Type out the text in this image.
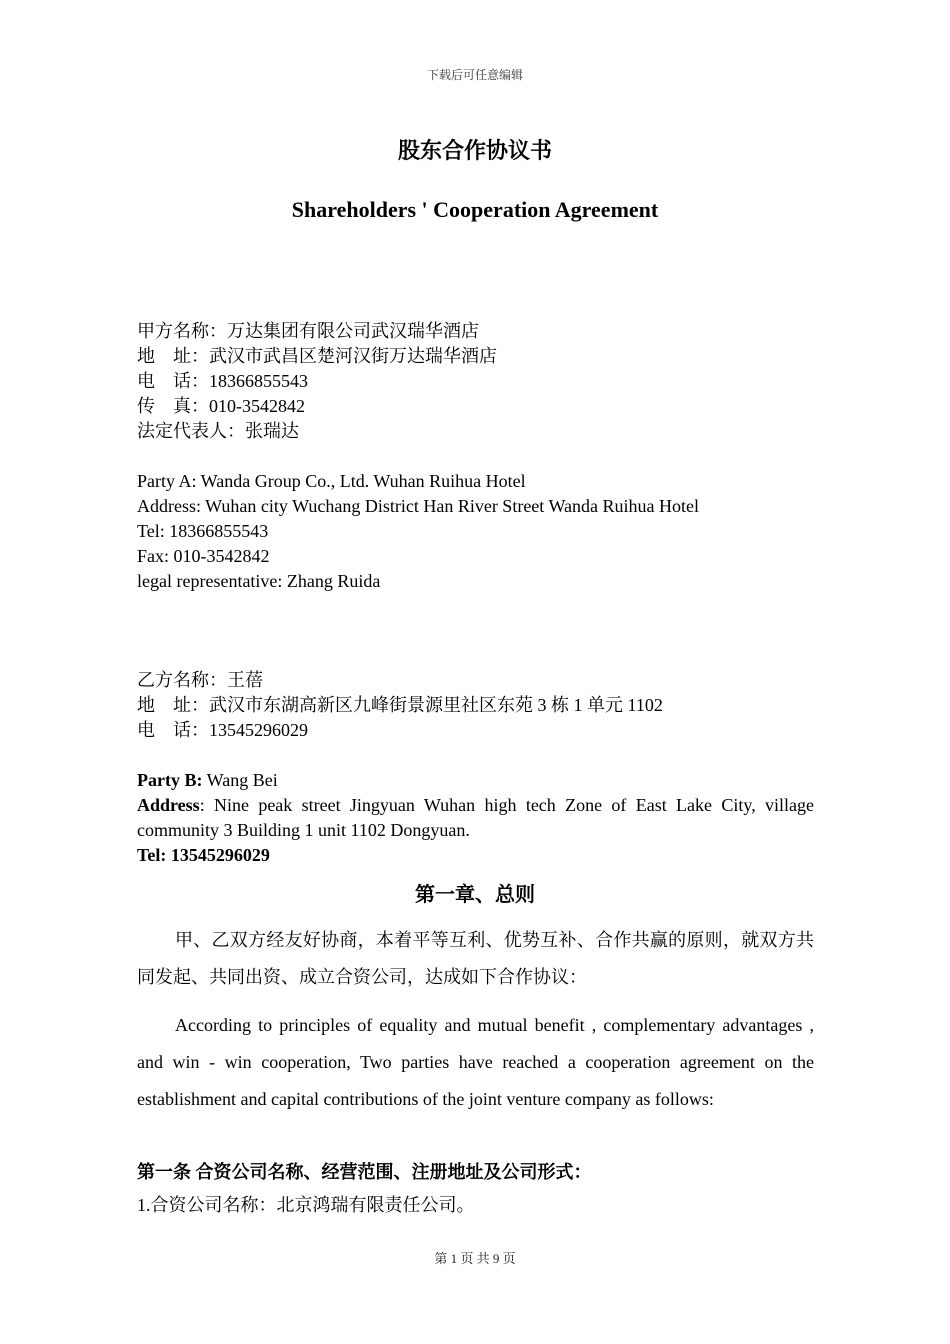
下载后可任意编辑
股东合作协议书
Shareholders ' Cooperation Agreement
甲方名称：万达集团有限公司武汉瑞华酒店
地　址：武汉市武昌区楚河汉街万达瑞华酒店
电　话：18366855543
传　真：010-3542842
法定代表人：张瑞达
Party A: Wanda Group Co., Ltd. Wuhan Ruihua Hotel
Address: Wuhan city Wuchang District Han River Street Wanda Ruihua Hotel
Tel: 18366855543
Fax: 010-3542842
legal representative: Zhang Ruida
乙方名称：王蓓
地　址：武汉市东湖高新区九峰街景源里社区东苑 3 栋 1 单元 1102
电　话：13545296029
Party B: Wang Bei
Address: Nine peak street Jingyuan Wuhan high tech Zone of East Lake City, village community 3 Building 1 unit 1102 Dongyuan.
Tel: 13545296029
第一章、总则
甲、乙双方经友好协商，本着平等互利、优势互补、合作共赢的原则，就双方共同发起、共同出资、成立合资公司，达成如下合作协议：
According to principles of equality and mutual benefit , complementary advantages , and win - win cooperation, Two parties have reached a cooperation agreement on the establishment and capital contributions of the joint venture company as follows:
第一条 合资公司名称、经营范围、注册地址及公司形式：
1.合资公司名称：北京鸿瑞有限责任公司。
第 1 页 共 9 页
